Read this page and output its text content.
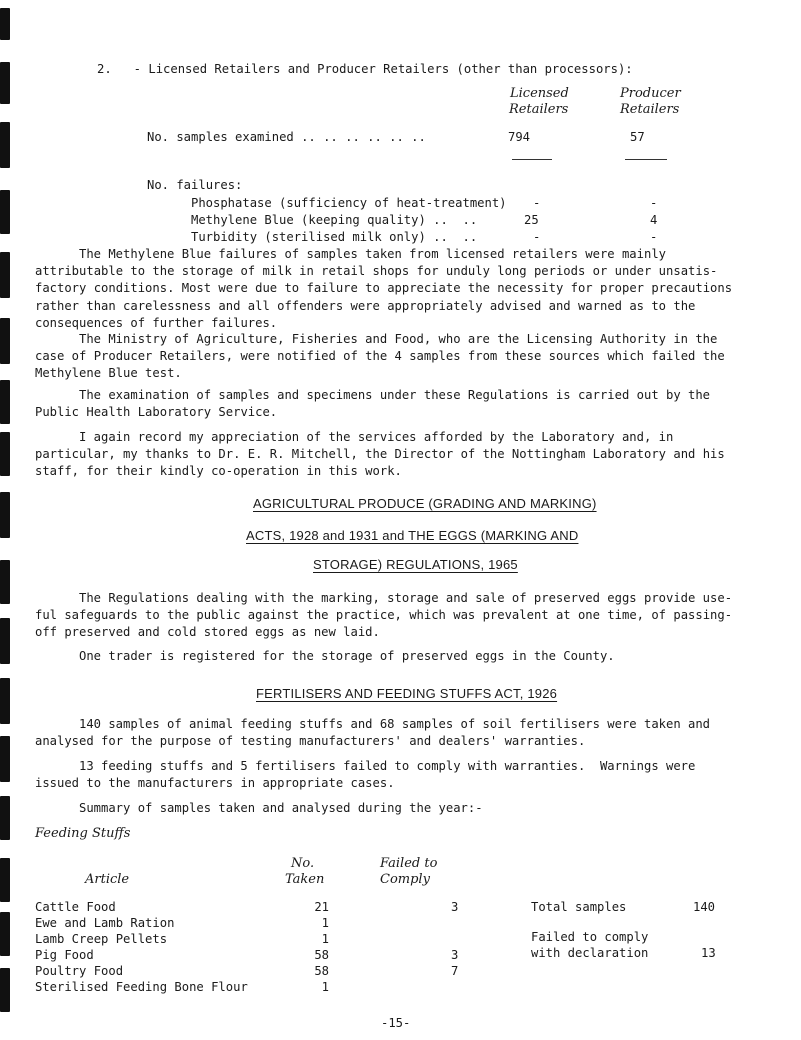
2.   - Licensed Retailers and Producer Retailers (other than processors):
Licensed
Retailers
Producer
Retailers
No. samples examined .. .. .. .. .. ..	794	57
No. failures:
Phosphatase (sufficiency of heat-treatment) -	-
Methylene Blue (keeping quality) ..  ..	25	4
Turbidity (sterilised milk only) ..  ..	-	-
The Methylene Blue failures of samples taken from licensed retailers were mainly
attributable to the storage of milk in retail shops for unduly long periods or under unsatis-
factory conditions. Most were due to failure to appreciate the necessity for proper precautions
rather than carelessness and all offenders were appropriately advised and warned as to the
consequences of further failures.
The Ministry of Agriculture, Fisheries and Food, who are the Licensing Authority in the
case of Producer Retailers, were notified of the 4 samples from these sources which failed the
Methylene Blue test.
The examination of samples and specimens under these Regulations is carried out by the
Public Health Laboratory Service.
I again record my appreciation of the services afforded by the Laboratory and, in
particular, my thanks to Dr. E. R. Mitchell, the Director of the Nottingham Laboratory and his
staff, for their kindly co-operation in this work.
AGRICULTURAL PRODUCE (GRADING AND MARKING)
ACTS, 1928 and 1931 and THE EGGS (MARKING AND
STORAGE) REGULATIONS, 1965
The Regulations dealing with the marking, storage and sale of preserved eggs provide use-
ful safeguards to the public against the practice, which was prevalent at one time, of passing-
off preserved and cold stored eggs as new laid.
One trader is registered for the storage of preserved eggs in the County.
FERTILISERS AND FEEDING STUFFS ACT, 1926
140 samples of animal feeding stuffs and 68 samples of soil fertilisers were taken and
analysed for the purpose of testing manufacturers' and dealers' warranties.
13 feeding stuffs and 5 fertilisers failed to comply with warranties.  Warnings were
issued to the manufacturers in appropriate cases.
Summary of samples taken and analysed during the year:-
Feeding Stuffs
No.
Taken
Failed to
Comply
Article
Cattle Food	21	3
Ewe and Lamb Ration	1
Lamb Creep Pellets	1
Pig Food	58	3
Poultry Food	58	7
Sterilised Feeding Bone Flour	1
Total samples	140
Failed to comply
with declaration	13
-15-
